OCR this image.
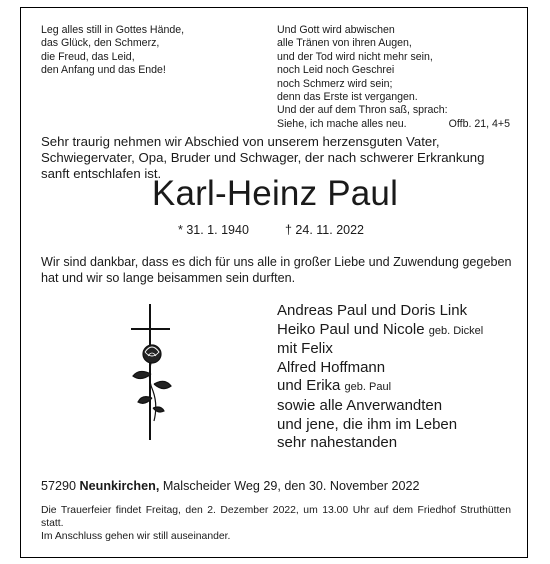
Leg alles still in Gottes Hände,
das Glück, den Schmerz,
die Freud, das Leid,
den Anfang und das Ende!
Und Gott wird abwischen
alle Tränen von ihren Augen,
und der Tod wird nicht mehr sein,
noch Leid noch Geschrei
noch Schmerz wird sein;
denn das Erste ist vergangen.
Und der auf dem Thron saß, sprach:
Siehe, ich mache alles neu.	Offb. 21, 4+5
Sehr traurig nehmen wir Abschied von unserem herzensguten Vater, Schwiegervater, Opa, Bruder und Schwager, der nach schwerer Erkrankung sanft entschlafen ist.
Karl-Heinz Paul
* 31. 1. 1940	† 24. 11. 2022
Wir sind dankbar, dass es dich für uns alle in großer Liebe und Zuwendung gegeben hat und wir so lange beisammen sein durften.
Andreas Paul und Doris Link
Heiko Paul und Nicole geb. Dickel
mit Felix
Alfred Hoffmann
und Erika geb. Paul
sowie alle Anverwandten
und jene, die ihm im Leben
sehr nahestanden
57290 Neunkirchen, Malscheider Weg 29, den 30. November 2022
Die Trauerfeier findet Freitag, den 2. Dezember 2022, um 13.00 Uhr auf dem Friedhof Struthütten statt.
Im Anschluss gehen wir still auseinander.
